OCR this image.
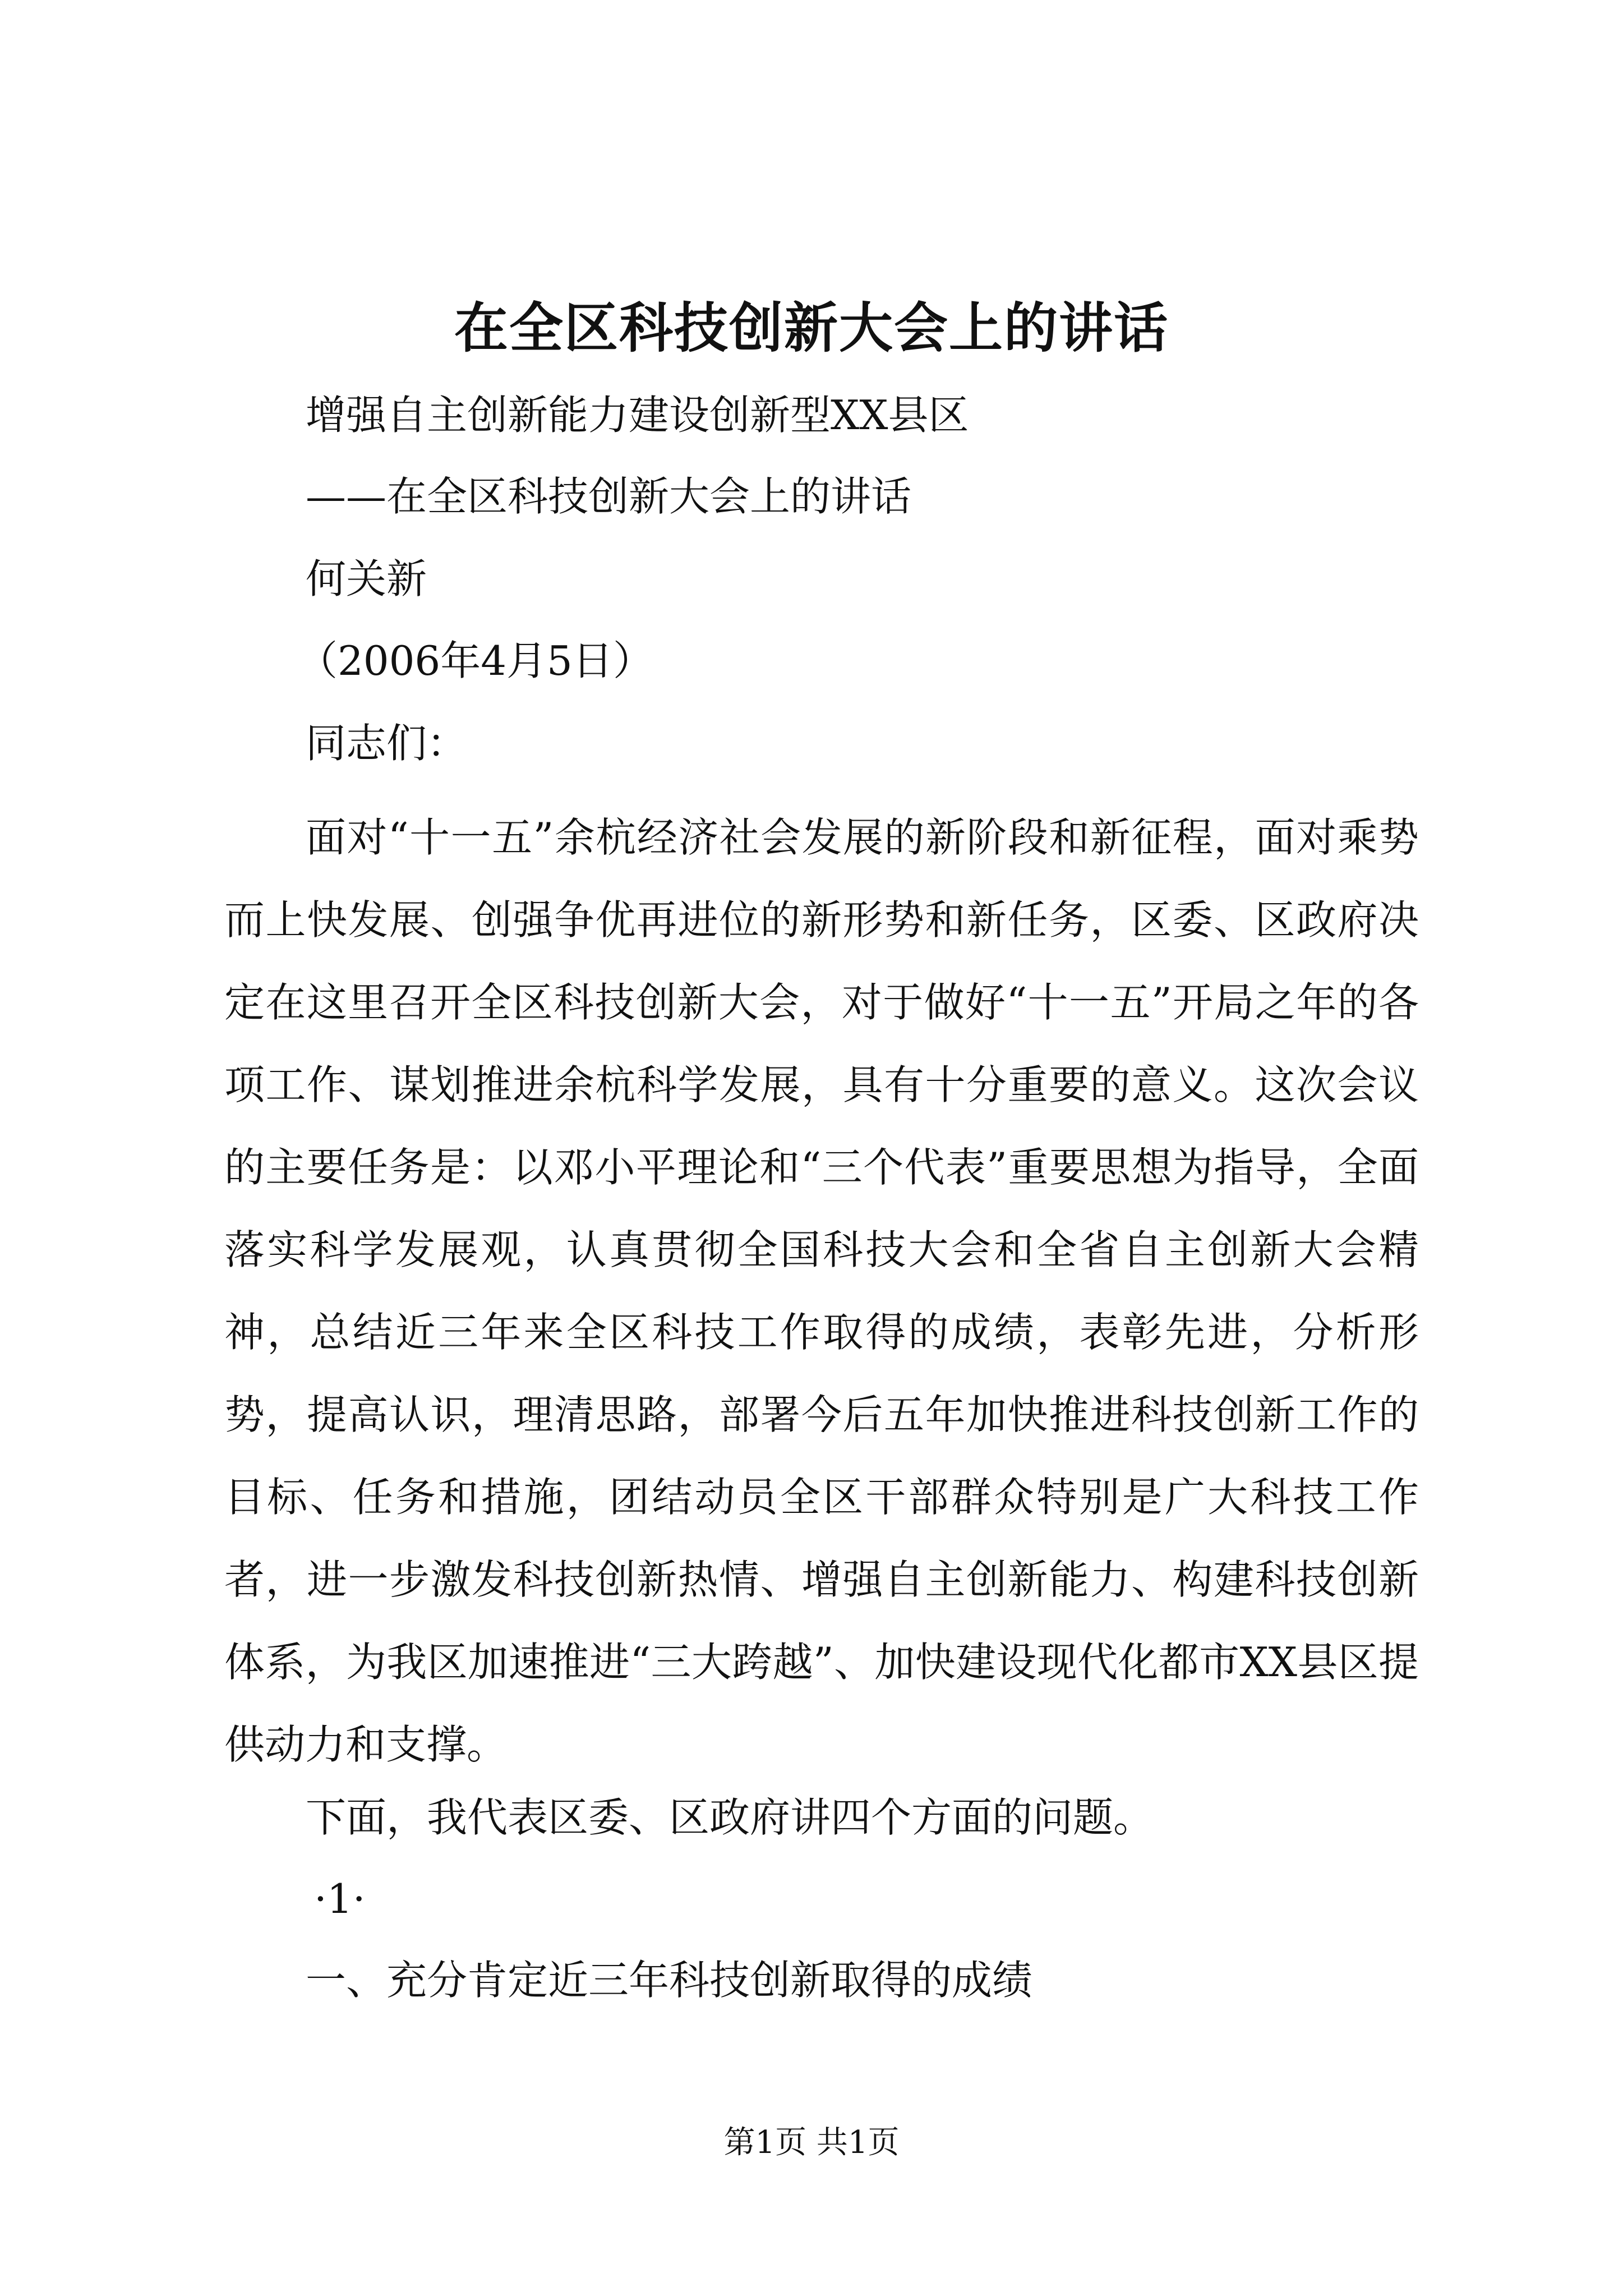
在全区科技创新大会上的讲话
增强自主创新能力建设创新型XX县区
——在全区科技创新大会上的讲话
何关新
（2006年4月5日）
同志们：

面对“十一五”余杭经济社会发展的新阶段和新征程，面对乘势而上快发展、创强争优再进位的新形势和新任务，区委、区政府决定在这里召开全区科技创新大会，对于做好“十一五”开局之年的各项工作、谋划推进余杭科学发展，具有十分重要的意义。这次会议的主要任务是：以邓小平理论和“三个代表”重要思想为指导，全面落实科学发展观，认真贯彻全国科技大会和全省自主创新大会精神，总结近三年来全区科技工作取得的成绩，表彰先进，分析形势，提高认识，理清思路，部署今后五年加快推进科技创新工作的目标、任务和措施，团结动员全区干部群众特别是广大科技工作者，进一步激发科技创新热情、增强自主创新能力、构建科技创新体系，为我区加速推进“三大跨越”、加快建设现代化都市XX县区提供动力和支撑。

下面，我代表区委、区政府讲四个方面的问题。
·1·
一、充分肯定近三年科技创新取得的成绩
第1页 共1页
